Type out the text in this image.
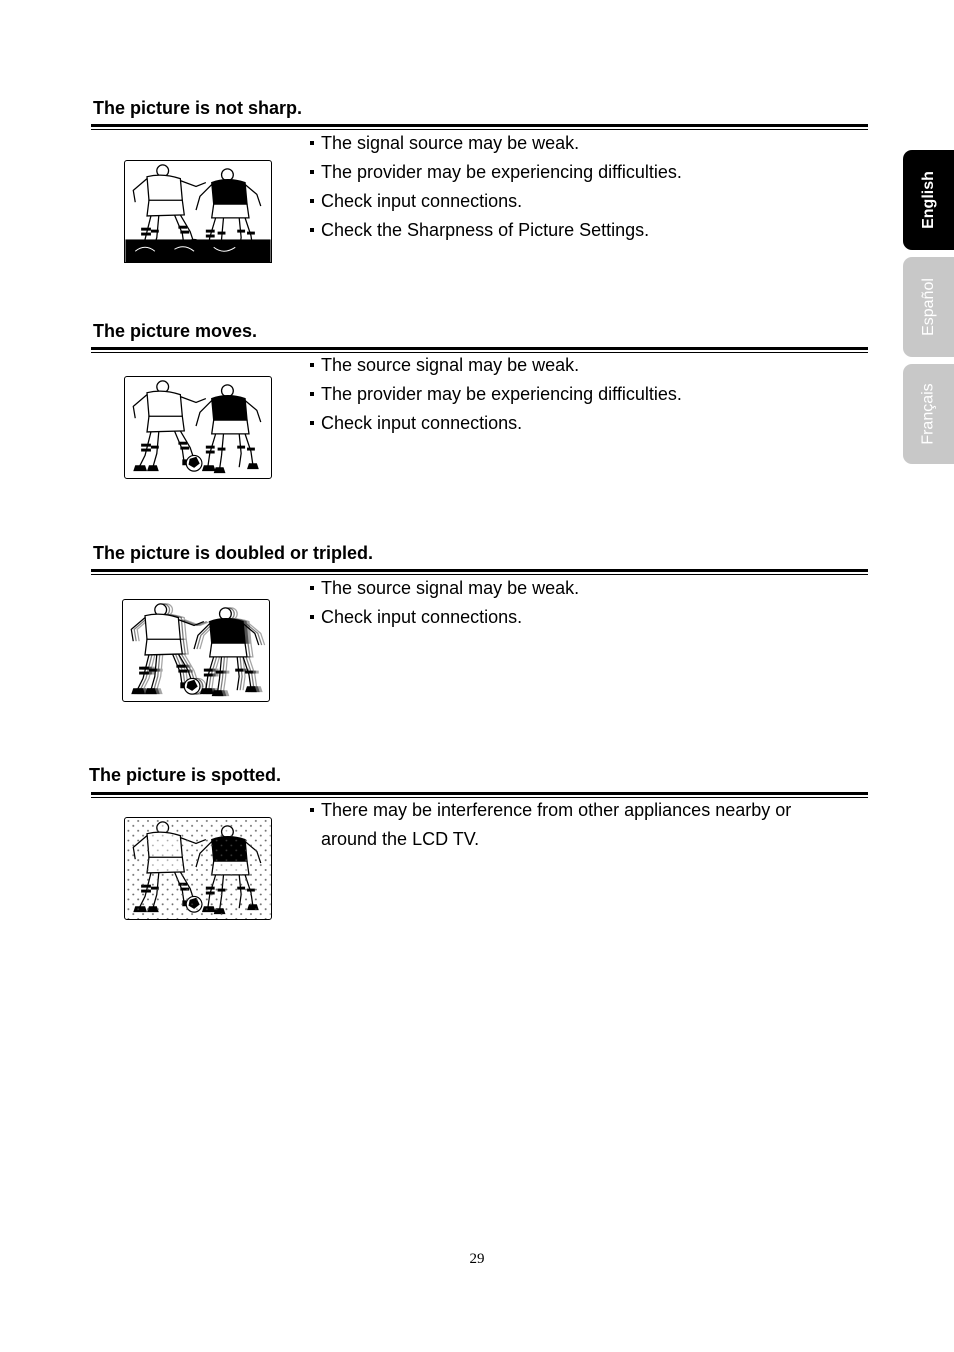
The picture is not sharp.
The signal source may be weak.
The provider may be experiencing difficulties.
Check input connections.
Check the Sharpness of Picture Settings.
The picture moves.
The source signal may be weak.
The provider may be experiencing difficulties.
Check input connections.
The picture is doubled or tripled.
The source signal may be weak.
Check input connections.
The picture is spotted.
There may be interference from other appliances nearby or around the LCD TV.
English
Español
Français
29
